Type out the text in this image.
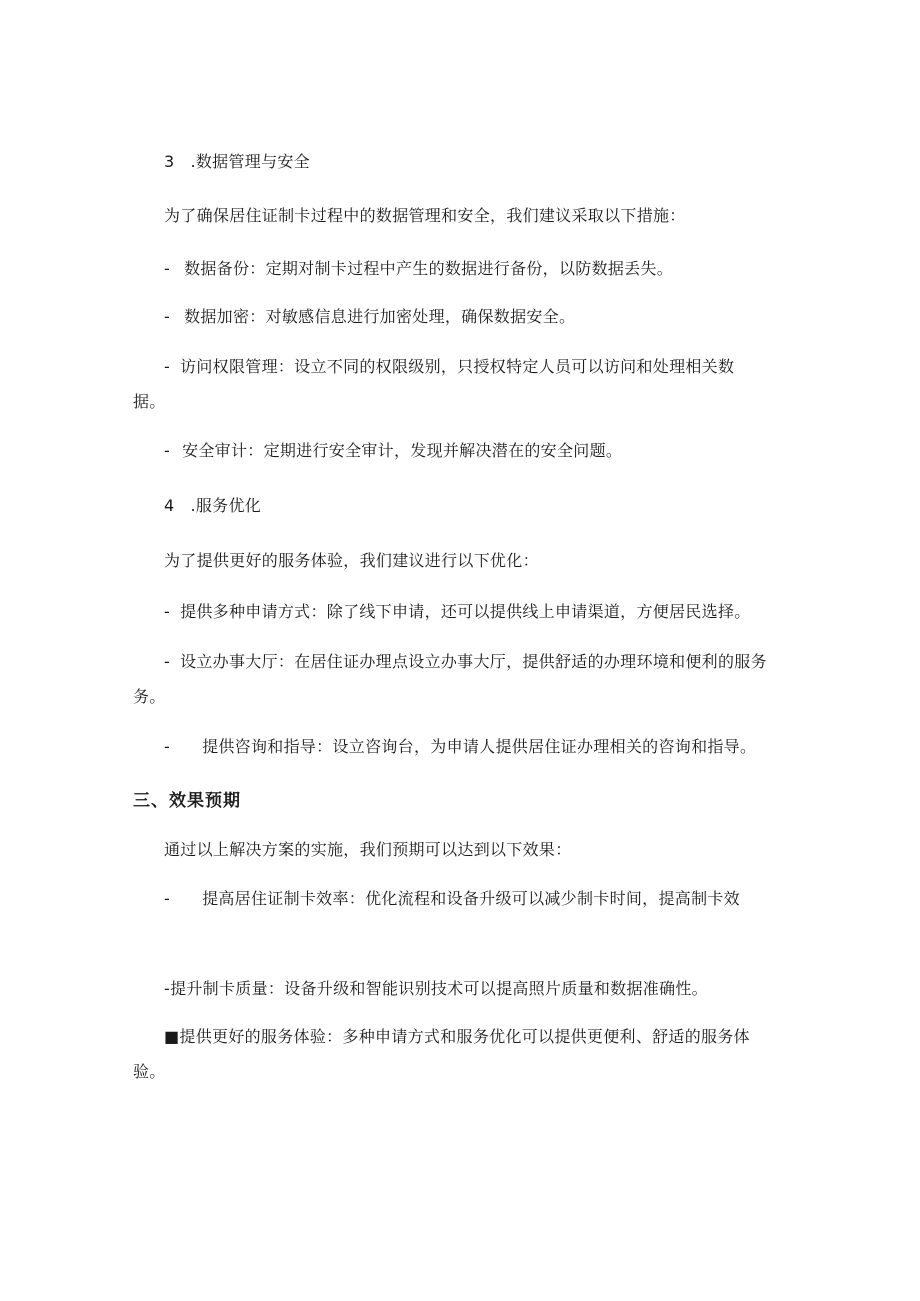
3 .数据管理与安全
为了确保居住证制卡过程中的数据管理和安全，我们建议采取以下措施：
- 数据备份：定期对制卡过程中产生的数据进行备份，以防数据丢失。
- 数据加密：对敏感信息进行加密处理，确保数据安全。
- 访问权限管理：设立不同的权限级别，只授权特定人员可以访问和处理相关数
据。
- 安全审计：定期进行安全审计，发现并解决潜在的安全问题。
4 .服务优化
为了提供更好的服务体验，我们建议进行以下优化：
- 提供多种申请方式：除了线下申请，还可以提供线上申请渠道，方便居民选择。
- 设立办事大厅：在居住证办理点设立办事大厅，提供舒适的办理环境和便利的服务
务。
- 提供咨询和指导：设立咨询台，为申请人提供居住证办理相关的咨询和指导。
三、效果预期
通过以上解决方案的实施，我们预期可以达到以下效果：
- 提高居住证制卡效率：优化流程和设备升级可以减少制卡时间，提高制卡效
-提升制卡质量：设备升级和智能识别技术可以提高照片质量和数据准确性。
■提供更好的服务体验：多种申请方式和服务优化可以提供更便利、舒适的服务体
验。
